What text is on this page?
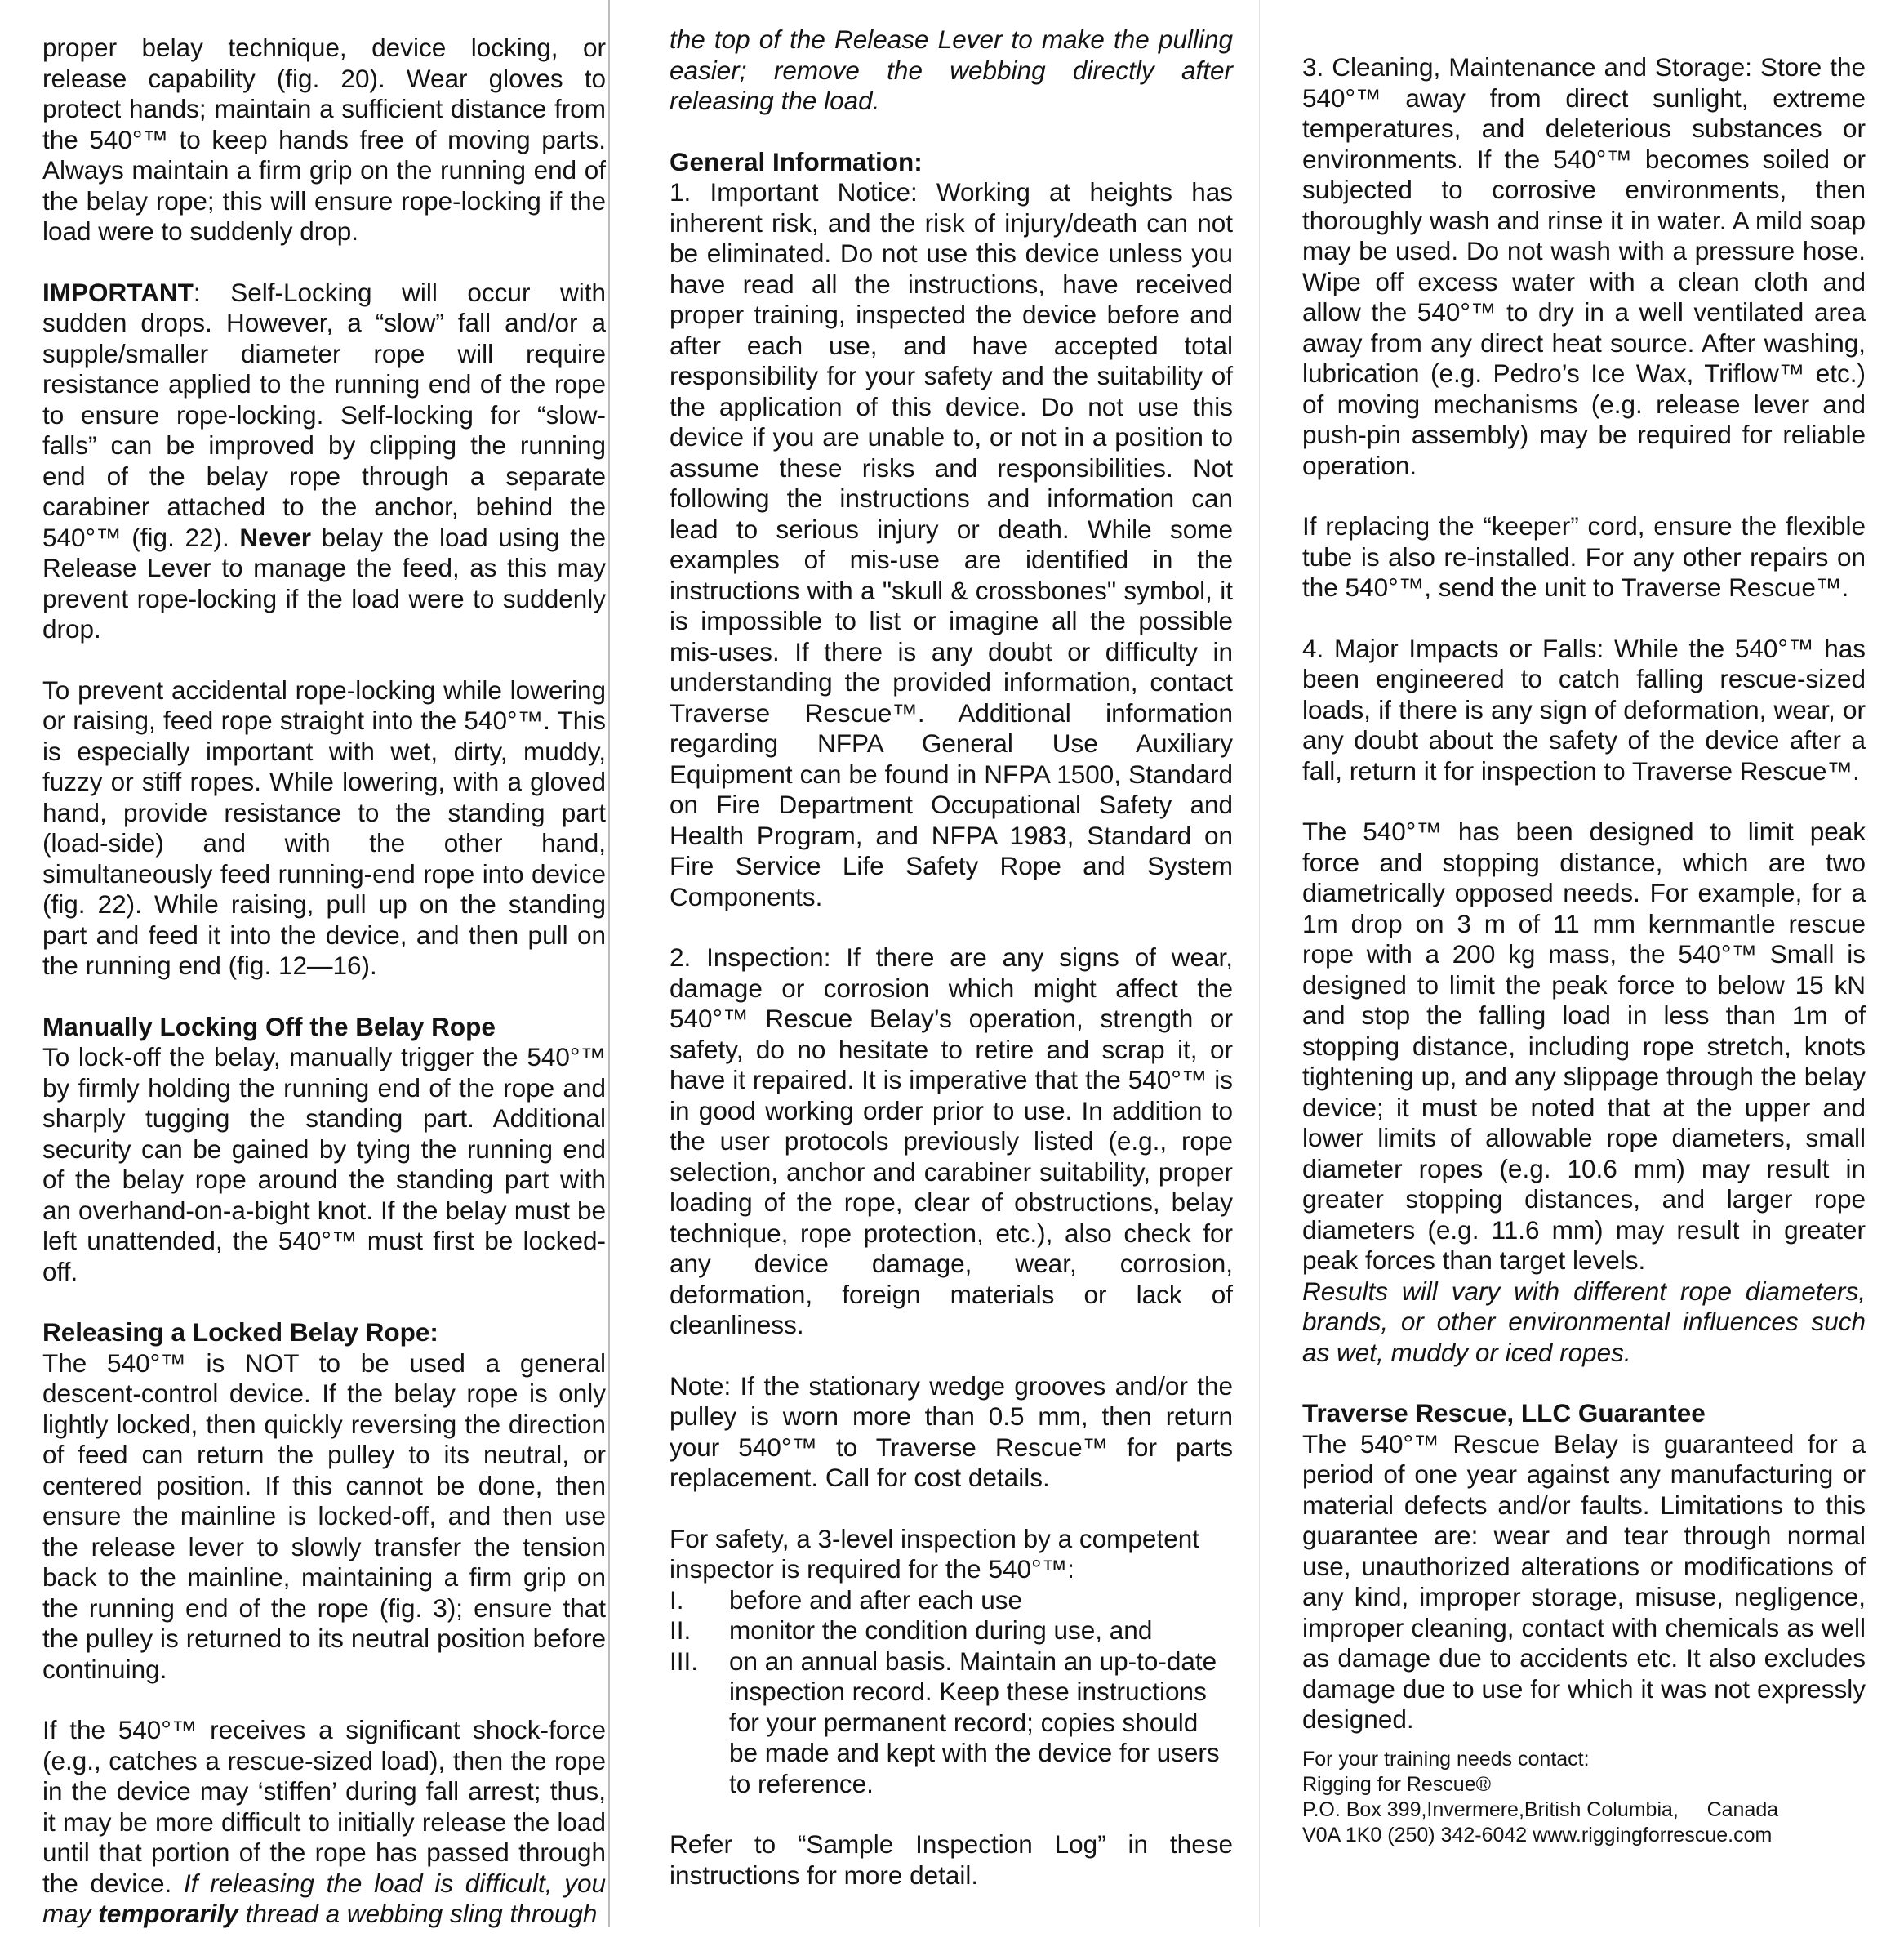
proper belay technique, device locking, or release capability (fig. 20). Wear gloves to protect hands; maintain a sufficient distance from the 540°™ to keep hands free of moving parts. Always maintain a firm grip on the running end of the belay rope; this will ensure rope-locking if the load were to suddenly drop.

IMPORTANT: Self-Locking will occur with sudden drops. However, a “slow” fall and/or a supple/smaller diameter rope will require resistance applied to the running end of the rope to ensure rope-locking. Self-locking for “slow-falls” can be improved by clipping the running end of the belay rope through a separate carabiner attached to the anchor, behind the 540°™ (fig. 22). Never belay the load using the Release Lever to manage the feed, as this may prevent rope-locking if the load were to suddenly drop.

To prevent accidental rope-locking while lowering or raising, feed rope straight into the 540°™. This is especially important with wet, dirty, muddy, fuzzy or stiff ropes. While lowering, with a gloved hand, provide resistance to the standing part (load-side) and with the other hand, simultaneously feed running-end rope into device (fig. 22). While raising, pull up on the standing part and feed it into the device, and then pull on the running end (fig. 12—16).

Manually Locking Off the Belay Rope

To lock-off the belay, manually trigger the 540°™ by firmly holding the running end of the rope and sharply tugging the standing part. Additional security can be gained by tying the running end of the belay rope around the standing part with an overhand-on-a-bight knot. If the belay must be left unattended, the 540°™ must first be locked-off.

Releasing a Locked Belay Rope:

The 540°™ is NOT to be used a general descent-control device. If the belay rope is only lightly locked, then quickly reversing the direction of feed can return the pulley to its neutral, or centered position. If this cannot be done, then ensure the mainline is locked-off, and then use the release lever to slowly transfer the tension back to the mainline, maintaining a firm grip on the running end of the rope (fig. 3); ensure that the pulley is returned to its neutral position before continuing.

If the 540°™ receives a significant shock-force (e.g., catches a rescue-sized load), then the rope in the device may ‘stiffen’ during fall arrest; thus, it may be more difficult to initially release the load until that portion of the rope has passed through the device. If releasing the load is difficult, you may temporarily thread a webbing sling through

the top of the Release Lever to make the pulling easier; remove the webbing directly after releasing the load.

General Information:

1. Important Notice: Working at heights has inherent risk, and the risk of injury/death can not be eliminated. Do not use this device unless you have read all the instructions, have received proper training, inspected the device before and after each use, and have accepted total responsibility for your safety and the suitability of the application of this device. Do not use this device if you are unable to, or not in a position to assume these risks and responsibilities. Not following the instructions and information can lead to serious injury or death. While some examples of mis-use are identified in the instructions with a "skull & crossbones" symbol, it is impossible to list or imagine all the possible mis-uses. If there is any doubt or difficulty in understanding the provided information, contact Traverse Rescue™. Additional information regarding NFPA General Use Auxiliary Equipment can be found in NFPA 1500, Standard on Fire Department Occupational Safety and Health Program, and NFPA 1983, Standard on Fire Service Life Safety Rope and System Components.

2. Inspection: If there are any signs of wear, damage or corrosion which might affect the 540°™ Rescue Belay’s operation, strength or safety, do no hesitate to retire and scrap it, or have it repaired. It is imperative that the 540°™ is in good working order prior to use. In addition to the user protocols previously listed (e.g., rope selection, anchor and carabiner suitability, proper loading of the rope, clear of obstructions, belay technique, rope protection, etc.), also check for any device damage, wear, corrosion, deformation, foreign materials or lack of cleanliness.

Note: If the stationary wedge grooves and/or the pulley is worn more than 0.5 mm, then return your 540°™ to Traverse Rescue™ for parts replacement. Call for cost details.

For safety, a 3-level inspection by a competent inspector is required for the 540°™:
I.	before and after each use
II.	monitor the condition during use, and
III.	on an annual basis. Maintain an up-to-date inspection record. Keep these instructions for your permanent record; copies should be made and kept with the device for users to reference.

Refer to “Sample Inspection Log” in these instructions for more detail.

3. Cleaning, Maintenance and Storage: Store the 540°™ away from direct sunlight, extreme temperatures, and deleterious substances or environments. If the 540°™ becomes soiled or subjected to corrosive environments, then thoroughly wash and rinse it in water. A mild soap may be used. Do not wash with a pressure hose. Wipe off excess water with a clean cloth and allow the 540°™ to dry in a well ventilated area away from any direct heat source. After washing, lubrication (e.g. Pedro’s Ice Wax, Triflow™ etc.) of moving mechanisms (e.g. release lever and push-pin assembly) may be required for reliable operation.

If replacing the “keeper” cord, ensure the flexible tube is also re-installed. For any other repairs on the 540°™, send the unit to Traverse Rescue™.

4. Major Impacts or Falls: While the 540°™ has been engineered to catch falling rescue-sized loads, if there is any sign of deformation, wear, or any doubt about the safety of the device after a fall, return it for inspection to Traverse Rescue™.

The 540°™ has been designed to limit peak force and stopping distance, which are two diametrically opposed needs. For example, for a 1m drop on 3 m of 11 mm kernmantle rescue rope with a 200 kg mass, the 540°™ Small is designed to limit the peak force to below 15 kN and stop the falling load in less than 1m of stopping distance, including rope stretch, knots tightening up, and any slippage through the belay device; it must be noted that at the upper and lower limits of allowable rope diameters, small diameter ropes (e.g. 10.6 mm) may result in greater stopping distances, and larger rope diameters (e.g. 11.6 mm) may result in greater peak forces than target levels.

Results will vary with different rope diameters, brands, or other environmental influences such as wet, muddy or iced ropes.

Traverse Rescue, LLC Guarantee
The 540°™ Rescue Belay is guaranteed for a period of one year against any manufacturing or material defects and/or faults. Limitations to this guarantee are: wear and tear through normal use, unauthorized alterations or modifications of any kind, improper storage, misuse, negligence, improper cleaning, contact with chemicals as well as damage due to accidents etc. It also excludes damage due to use for which it was not expressly designed.
For your training needs contact:
Rigging for Rescue®
P.O. Box 399,Invermere,British Columbia,     Canada
V0A 1K0 (250) 342-6042 www.riggingforrescue.com
